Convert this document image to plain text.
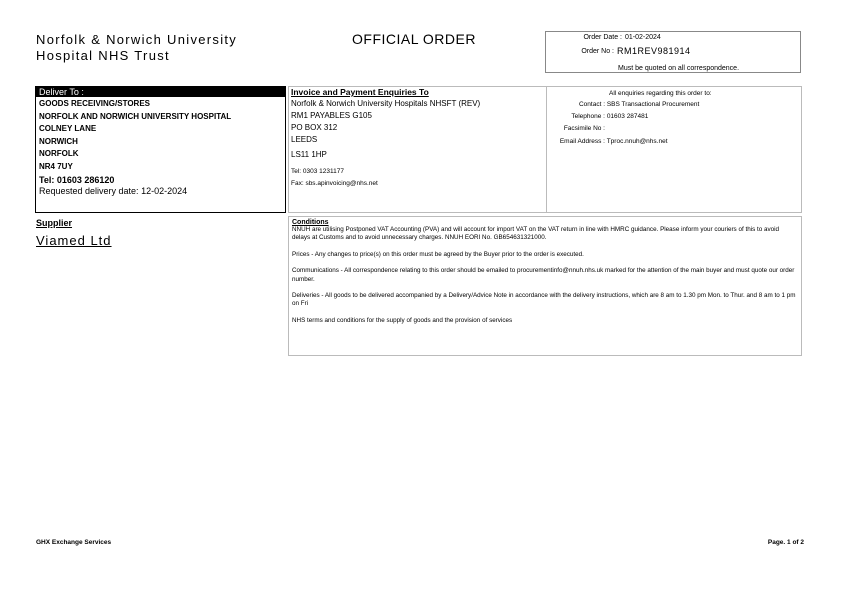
Norfolk & Norwich University
Hospital NHS Trust
OFFICIAL ORDER	Order Date : 01-02-2024
Order No : RM1REV981914
Must be quoted on all correspondence.
Deliver To :
GOODS RECEIVING/STORES
NORFOLK AND NORWICH UNIVERSITY HOSPITAL
COLNEY LANE
NORWICH
NORFOLK
NR4 7UY
Tel: 01603 286120
Requested delivery date: 12-02-2024
Invoice and Payment Enquiries To
Norfolk & Norwich University Hospitals NHSFT (REV)
RM1 PAYABLES G105
PO BOX 312
LEEDS
LS11 1HP
Tel: 0303 1231177
Fax: sbs.apinvoicing@nhs.net
All enquiries regarding this order to:
Contact : SBS Transactional Procurement
Telephone : 01603 287481
Facsimile No :
Email Address : Tproc.nnuh@nhs.net
Supplier
Viamed Ltd
Conditions

NNUH are utilising Postponed VAT Accounting (PVA) and will account for import VAT on the VAT return in line with HMRC guidance. Please inform your couriers of this to avoid delays at Customs and to avoid unnecessary charges. NNUH EORI No. GB654631321000.

Prices - Any changes to price(s) on this order must be agreed by the Buyer prior to the order is executed.

Communications - All correspondence relating to this order should be emailed to procurementinfo@nnuh.nhs.uk marked for the attention of the main buyer and must quote our order number.

Deliveries - All goods to be delivered accompanied by a Delivery/Advice Note in accordance with the delivery instructions, which are 8 am to 1.30 pm Mon. to Thur. and 8 am to 1 pm on Fri

NHS terms and conditions for the supply of goods and the provision of services

GHX Exchange Services	Page. 1 of 2
